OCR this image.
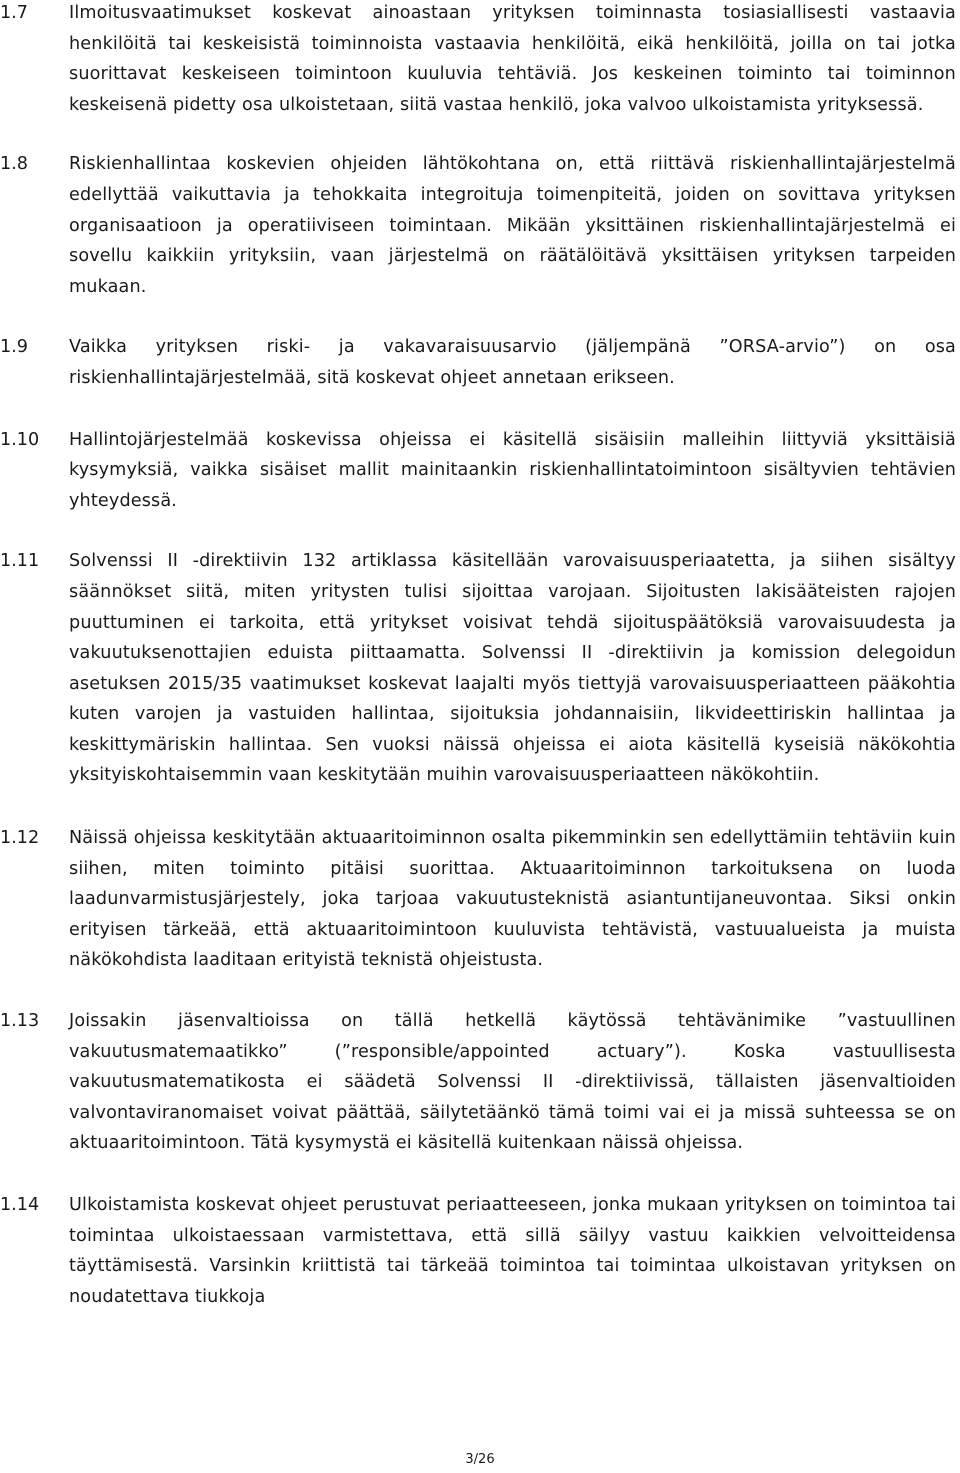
1.7 Ilmoitusvaatimukset koskevat ainoastaan yrityksen toiminnasta tosiasiallisesti vastaavia henkilöitä tai keskeisistä toiminnoista vastaavia henkilöitä, eikä henkilöitä, joilla on tai jotka suorittavat keskeiseen toimintoon kuuluvia tehtäviä. Jos keskeinen toiminto tai toiminnon keskeisenä pidetty osa ulkoistetaan, siitä vastaa henkilö, joka valvoo ulkoistamista yrityksessä.

1.8 Riskienhallintaa koskevien ohjeiden lähtökohtana on, että riittävä riskienhallintajärjestelmä edellyttää vaikuttavia ja tehokkaita integroituja toimenpiteitä, joiden on sovittava yrityksen organisaatioon ja operatiiviseen toimintaan. Mikään yksittäinen riskienhallintajärjestelmä ei sovellu kaikkiin yrityksiin, vaan järjestelmä on räätälöitävä yksittäisen yrityksen tarpeiden mukaan.

1.9 Vaikka yrityksen riski- ja vakavaraisuusarvio (jäljempänä ”ORSA-arvio”) on osa riskienhallintajärjestelmää, sitä koskevat ohjeet annetaan erikseen.

1.10 Hallintojärjestelmää koskevissa ohjeissa ei käsitellä sisäisiin malleihin liittyviä yksittäisiä kysymyksiä, vaikka sisäiset mallit mainitaankin riskienhallintatoimintoon sisältyvien tehtävien yhteydessä.

1.11 Solvenssi II -direktiivin 132 artiklassa käsitellään varovaisuusperiaatetta, ja siihen sisältyy säännökset siitä, miten yritysten tulisi sijoittaa varojaan. Sijoitusten lakisääteisten rajojen puuttuminen ei tarkoita, että yritykset voisivat tehdä sijoituspäätöksiä varovaisuudesta ja vakuutuksenottajien eduista piittaamatta. Solvenssi II -direktiivin ja komission delegoidun asetuksen 2015/35 vaatimukset koskevat laajalti myös tiettyjä varovaisuusperiaatteen pääkohtia kuten varojen ja vastuiden hallintaa, sijoituksia johdannaisiin, likvideettiriskin hallintaa ja keskittymäriskin hallintaa. Sen vuoksi näissä ohjeissa ei aiota käsitellä kyseisiä näkökohtia yksityiskohtaisemmin vaan keskitytään muihin varovaisuusperiaatteen näkökohtiin.

1.12 Näissä ohjeissa keskitytään aktuaaritoiminnon osalta pikemminkin sen edellyttämiin tehtäviin kuin siihen, miten toiminto pitäisi suorittaa. Aktuaaritoiminnon tarkoituksena on luoda laadunvarmistusjärjestely, joka tarjoaa vakuutusteknistä asiantuntijaneuvontaa. Siksi onkin erityisen tärkeää, että aktuaaritoimintoon kuuluvista tehtävistä, vastuualueista ja muista näkökohdista laaditaan erityistä teknistä ohjeistusta.

1.13 Joissakin jäsenvaltioissa on tällä hetkellä käytössä tehtävänimike ”vastuullinen vakuutusmatemaatikko” (”responsible/appointed actuary”). Koska vastuullisesta vakuutusmatematikosta ei säädetä Solvenssi II -direktiivissä, tällaisten jäsenvaltioiden valvontaviranomaiset voivat päättää, säilytetäänkö tämä toimi vai ei ja missä suhteessa se on aktuaaritoimintoon. Tätä kysymystä ei käsitellä kuitenkaan näissä ohjeissa.

1.14 Ulkoistamista koskevat ohjeet perustuvat periaatteeseen, jonka mukaan yrityksen on toimintoa tai toimintaa ulkoistaessaan varmistettava, että sillä säilyy vastuu kaikkien velvoitteidensa täyttämisestä. Varsinkin kriittistä tai tärkeää toimintoa tai toimintaa ulkoistavan yrityksen on noudatettava tiukkoja

3/26
